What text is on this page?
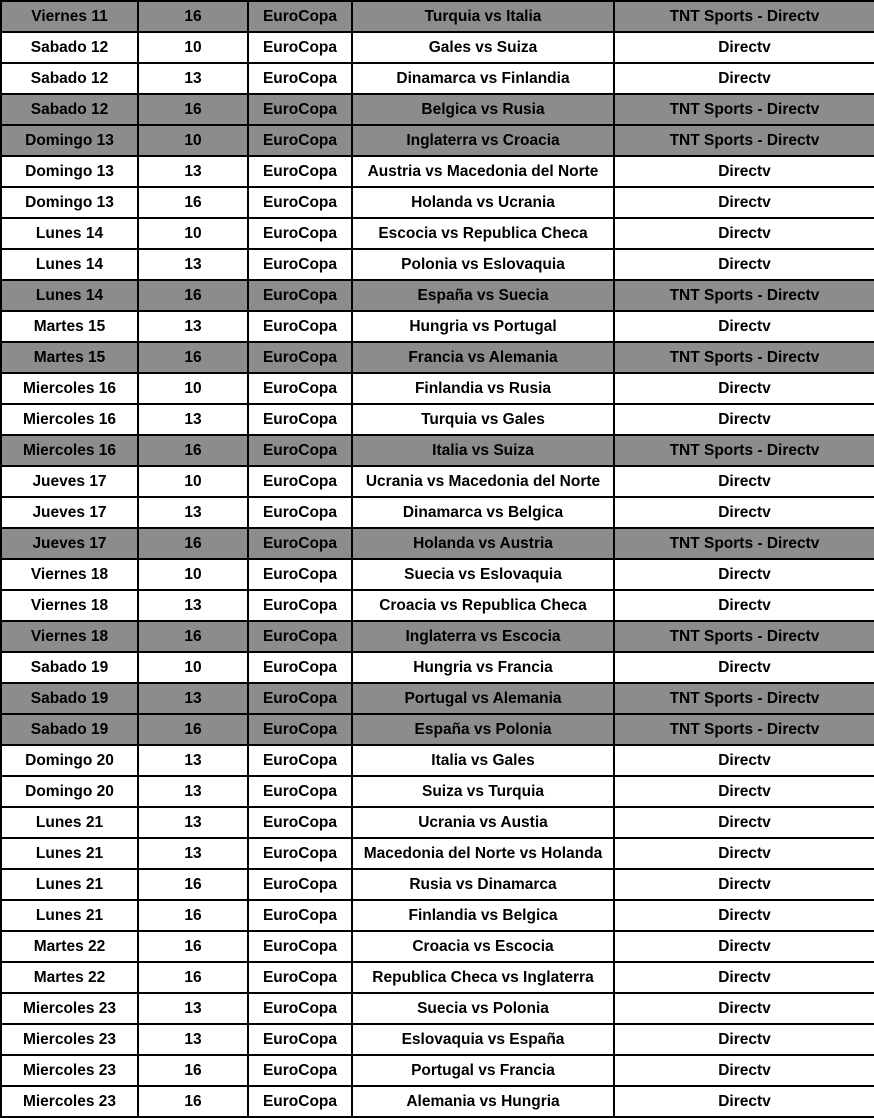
Viernes 11	16	EuroCopa	Turquia vs Italia	TNT Sports - Directv
Sabado 12	10	EuroCopa	Gales vs Suiza	Directv
Sabado 12	13	EuroCopa	Dinamarca vs Finlandia	Directv
Sabado 12	16	EuroCopa	Belgica vs Rusia	TNT Sports - Directv
Domingo 13	10	EuroCopa	Inglaterra vs Croacia	TNT Sports - Directv
Domingo 13	13	EuroCopa	Austria vs Macedonia del Norte	Directv
Domingo 13	16	EuroCopa	Holanda vs Ucrania	Directv
Lunes 14	10	EuroCopa	Escocia vs Republica Checa	Directv
Lunes 14	13	EuroCopa	Polonia vs Eslovaquia	Directv
Lunes 14	16	EuroCopa	España vs Suecia	TNT Sports - Directv
Martes 15	13	EuroCopa	Hungria vs Portugal	Directv
Martes 15	16	EuroCopa	Francia vs Alemania	TNT Sports - Directv
Miercoles 16	10	EuroCopa	Finlandia vs Rusia	Directv
Miercoles 16	13	EuroCopa	Turquia vs Gales	Directv
Miercoles 16	16	EuroCopa	Italia vs Suiza	TNT Sports - Directv
Jueves 17	10	EuroCopa	Ucrania vs Macedonia del Norte	Directv
Jueves 17	13	EuroCopa	Dinamarca vs Belgica	Directv
Jueves 17	16	EuroCopa	Holanda vs Austria	TNT Sports - Directv
Viernes 18	10	EuroCopa	Suecia vs Eslovaquia	Directv
Viernes 18	13	EuroCopa	Croacia vs Republica Checa	Directv
Viernes 18	16	EuroCopa	Inglaterra vs Escocia	TNT Sports - Directv
Sabado 19	10	EuroCopa	Hungria vs Francia	Directv
Sabado 19	13	EuroCopa	Portugal vs Alemania	TNT Sports - Directv
Sabado 19	16	EuroCopa	España vs Polonia	TNT Sports - Directv
Domingo 20	13	EuroCopa	Italia vs Gales	Directv
Domingo 20	13	EuroCopa	Suiza vs Turquia	Directv
Lunes 21	13	EuroCopa	Ucrania vs Austia	Directv
Lunes 21	13	EuroCopa	Macedonia del Norte vs Holanda	Directv
Lunes 21	16	EuroCopa	Rusia vs Dinamarca	Directv
Lunes 21	16	EuroCopa	Finlandia vs Belgica	Directv
Martes 22	16	EuroCopa	Croacia vs Escocia	Directv
Martes 22	16	EuroCopa	Republica Checa vs Inglaterra	Directv
Miercoles 23	13	EuroCopa	Suecia vs Polonia	Directv
Miercoles 23	13	EuroCopa	Eslovaquia vs España	Directv
Miercoles 23	16	EuroCopa	Portugal vs Francia	Directv
Miercoles 23	16	EuroCopa	Alemania vs Hungria	Directv
